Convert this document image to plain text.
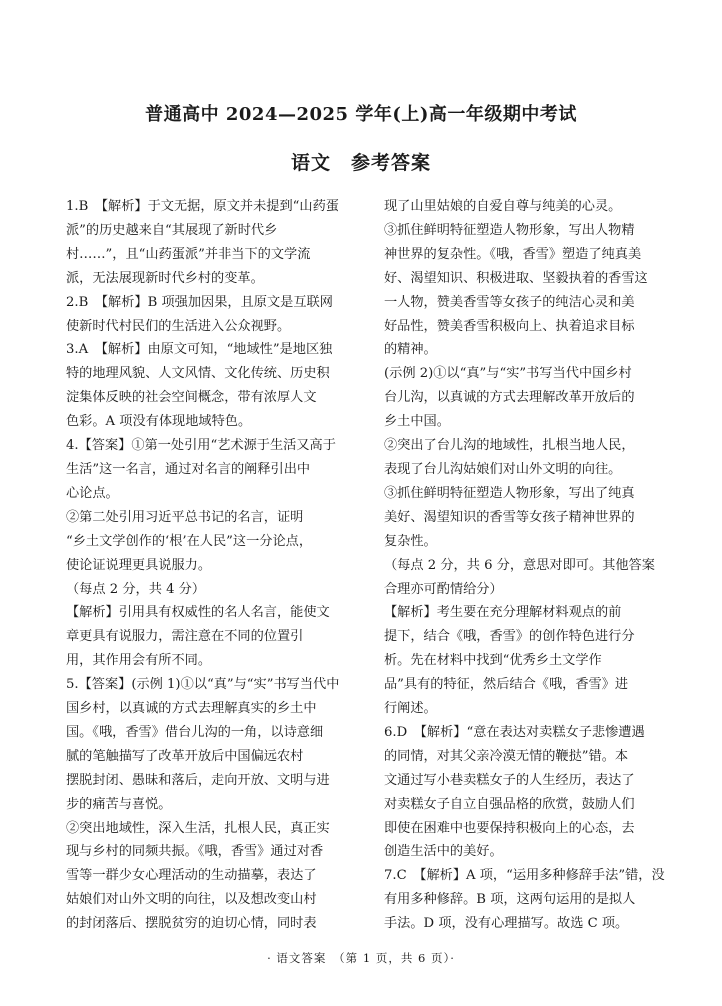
普通高中 2024—2025 学年(上)高一年级期中考试
语文　参考答案

1.B　【解析】于文无据，原文并未提到“山药蛋

派”的历史越来自“其展现了新时代乡

村……”，且“山药蛋派”并非当下的文学流

派，无法展现新时代乡村的变革。

2.B　【解析】B 项强加因果，且原文是互联网

使新时代村民们的生活进入公众视野。

3.A　【解析】由原文可知，“地域性”是地区独

特的地理风貌、人文风情、文化传统、历史积

淀集体反映的社会空间概念，带有浓厚人文

色彩。A 项没有体现地域特色。

4.【答案】①第一处引用“艺术源于生活又高于

生活”这一名言，通过对名言的阐释引出中

心论点。

②第二处引用习近平总书记的名言，证明

“乡土文学创作的‘根’在人民”这一分论点，

使论证说理更具说服力。

（每点 2 分，共 4 分）

【解析】引用具有权威性的名人名言，能使文

章更具有说服力，需注意在不同的位置引

用，其作用会有所不同。

5.【答案】(示例 1)①以“真”与“实”书写当代中

国乡村，以真诚的方式去理解真实的乡土中

国。《哦，香雪》借台儿沟的一角，以诗意细

腻的笔触描写了改革开放后中国偏远农村

摆脱封闭、愚昧和落后，走向开放、文明与进

步的痛苦与喜悦。

②突出地域性，深入生活，扎根人民，真正实

现与乡村的同频共振。《哦，香雪》通过对香

雪等一群少女心理活动的生动描摹，表达了

姑娘们对山外文明的向往，以及想改变山村

的封闭落后、摆脱贫穷的迫切心情，同时表

现了山里姑娘的自爱自尊与纯美的心灵。

③抓住鲜明特征塑造人物形象，写出人物精

神世界的复杂性。《哦，香雪》塑造了纯真美

好、渴望知识、积极进取、坚毅执着的香雪这

一人物，赞美香雪等女孩子的纯洁心灵和美

好品性，赞美香雪积极向上、执着追求目标

的精神。

(示例 2)①以“真”与“实”书写当代中国乡村

台儿沟，以真诚的方式去理解改革开放后的

乡土中国。

②突出了台儿沟的地域性，扎根当地人民，

表现了台儿沟姑娘们对山外文明的向往。

③抓住鲜明特征塑造人物形象，写出了纯真

美好、渴望知识的香雪等女孩子精神世界的

复杂性。

（每点 2 分，共 6 分，意思对即可。其他答案

合理亦可酌情给分）

【解析】考生要在充分理解材料观点的前

提下，结合《哦，香雪》的创作特色进行分

析。先在材料中找到“优秀乡土文学作

品”具有的特征，然后结合《哦，香雪》进

行阐述。

6.D　【解析】“意在表达对卖糕女子悲惨遭遇

的同情，对其父亲冷漠无情的鞭挞”错。本

文通过写小巷卖糕女子的人生经历，表达了

对卖糕女子自立自强品格的欣赏，鼓励人们

即使在困难中也要保持积极向上的心态，去

创造生活中的美好。

7.C　【解析】A 项，“运用多种修辞手法”错，没

有用多种修辞。B 项，这两句运用的是拟人

手法。D 项，没有心理描写。故选 C 项。

· 语文答案　（第 1 页，共 6 页）·
